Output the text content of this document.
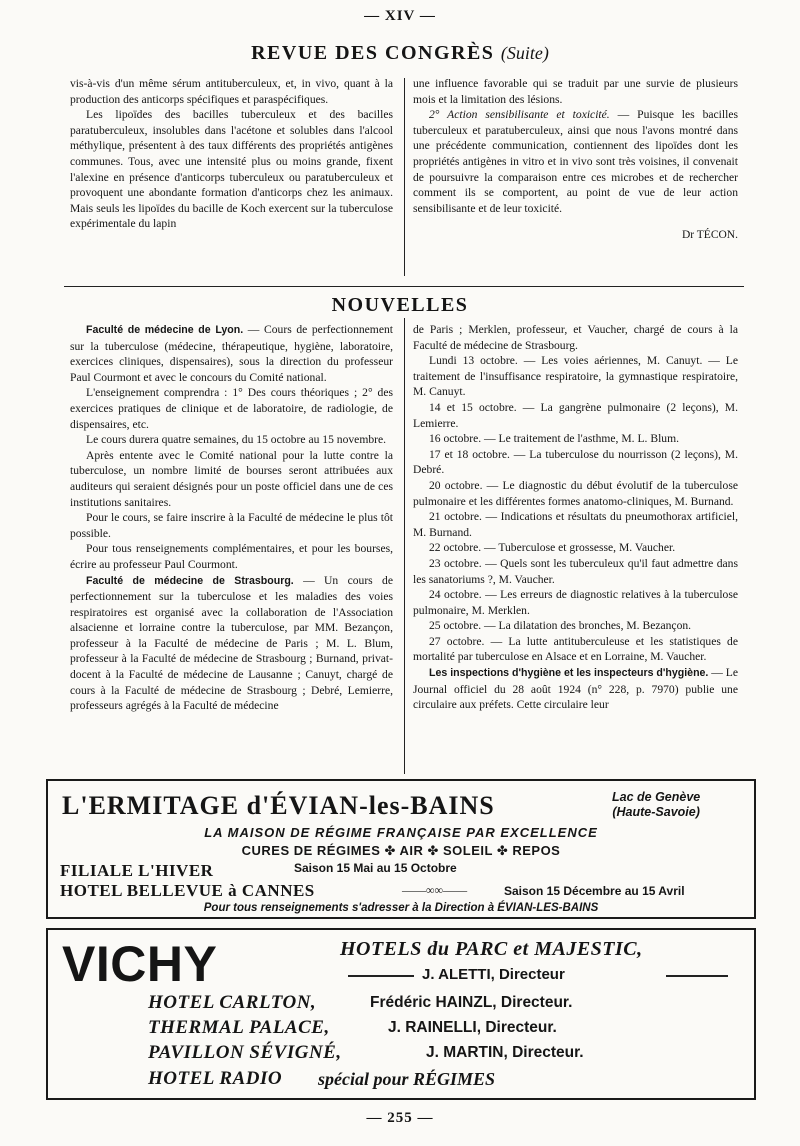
— XIV —
REVUE DES CONGRÈS (Suite)

vis-à-vis d'un même sérum antituberculeux, et, in vivo, quant à la production des anticorps spécifiques et paraspécifiques.

Les lipoïdes des bacilles tuberculeux et des bacilles paratuberculeux, insolubles dans l'acétone et solubles dans l'alcool méthylique, présentent à des taux différents des propriétés antigènes communes. Tous, avec une intensité plus ou moins grande, fixent l'alexine en présence d'anticorps tuberculeux ou paratuberculeux et provoquent une abondante formation d'anticorps chez les animaux. Mais seuls les lipoïdes du bacille de Koch exercent sur la tuberculose expérimentale du lapin

une influence favorable qui se traduit par une survie de plusieurs mois et la limitation des lésions.

2° Action sensibilisante et toxicité. — Puisque les bacilles tuberculeux et paratuberculeux, ainsi que nous l'avons montré dans une précédente communication, contiennent des lipoïdes dont les propriétés antigènes in vitro et in vivo sont très voisines, il convenait de poursuivre la comparaison entre ces microbes et de rechercher comment ils se comportent, au point de vue de leur action sensibilisante et de leur toxicité.

Dr TÉCON.
NOUVELLES

Faculté de médecine de Lyon. — Cours de perfectionnement sur la tuberculose (médecine, thérapeutique, hygiène, laboratoire, exercices cliniques, dispensaires), sous la direction du professeur Paul Courmont et avec le concours du Comité national.

L'enseignement comprendra : 1° Des cours théoriques ; 2° des exercices pratiques de clinique et de laboratoire, de radiologie, de dispensaires, etc.

Le cours durera quatre semaines, du 15 octobre au 15 novembre.

Après entente avec le Comité national pour la lutte contre la tuberculose, un nombre limité de bourses seront attribuées aux auditeurs qui seraient désignés pour un poste officiel dans une de ces institutions sanitaires.

Pour le cours, se faire inscrire à la Faculté de médecine le plus tôt possible.

Pour tous renseignements complémentaires, et pour les bourses, écrire au professeur Paul Courmont.

Faculté de médecine de Strasbourg. — Un cours de perfectionnement sur la tuberculose et les maladies des voies respiratoires est organisé avec la collaboration de l'Association alsacienne et lorraine contre la tuberculose, par MM. Bezançon, professeur à la Faculté de médecine de Paris ; M. L. Blum, professeur à la Faculté de médecine de Strasbourg ; Burnand, privat-docent à la Faculté de médecine de Lausanne ; Canuyt, chargé de cours à la Faculté de médecine de Strasbourg ; Debré, Lemierre, professeurs agrégés à la Faculté de médecine

de Paris ; Merklen, professeur, et Vaucher, chargé de cours à la Faculté de médecine de Strasbourg.

Lundi 13 octobre. — Les voies aériennes, M. Canuyt. — Le traitement de l'insuffisance respiratoire, la gymnastique respiratoire, M. Canuyt.

14 et 15 octobre. — La gangrène pulmonaire (2 leçons), M. Lemierre.

16 octobre. — Le traitement de l'asthme, M. L. Blum.

17 et 18 octobre. — La tuberculose du nourrisson (2 leçons), M. Debré.

20 octobre. — Le diagnostic du début évolutif de la tuberculose pulmonaire et les différentes formes anatomo-cliniques, M. Burnand.

21 octobre. — Indications et résultats du pneumothorax artificiel, M. Burnand.

22 octobre. — Tuberculose et grossesse, M. Vaucher.

23 octobre. — Quels sont les tuberculeux qu'il faut admettre dans les sanatoriums ?, M. Vaucher.

24 octobre. — Les erreurs de diagnostic relatives à la tuberculose pulmonaire, M. Merklen.

25 octobre. — La dilatation des bronches, M. Bezançon.

27 octobre. — La lutte antituberculeuse et les statistiques de mortalité par tuberculose en Alsace et en Lorraine, M. Vaucher.

Les inspections d'hygiène et les inspecteurs d'hygiène. — Le Journal officiel du 28 août 1924 (n° 228, p. 7970) publie une circulaire aux préfets. Cette circulaire leur

L'ERMITAGE d'ÉVIAN-les-BAINS	Lac de Genève
(Haute-Savoie)
LA MAISON DE RÉGIME FRANÇAISE PAR EXCELLENCE
CURES DE RÉGIMES ✤ AIR ✤ SOLEIL ✤ REPOS
FILIALE L'HIVER	Saison 15 Mai au 15 Octobre
HOTEL BELLEVUE à CANNES	——∞∞——	Saison 15 Décembre au 15 Avril
Pour tous renseignements s'adresser à la Direction à ÉVIAN-LES-BAINS
VICHY	HOTELS du PARC et MAJESTIC,
J. ALETTI, Directeur
HOTEL CARLTON,	Frédéric HAINZL, Directeur.
THERMAL PALACE,	J. RAINELLI, Directeur.
PAVILLON SÉVIGNÉ,	J. MARTIN, Directeur.
HOTEL RADIO spécial pour RÉGIMES
— 255 —
